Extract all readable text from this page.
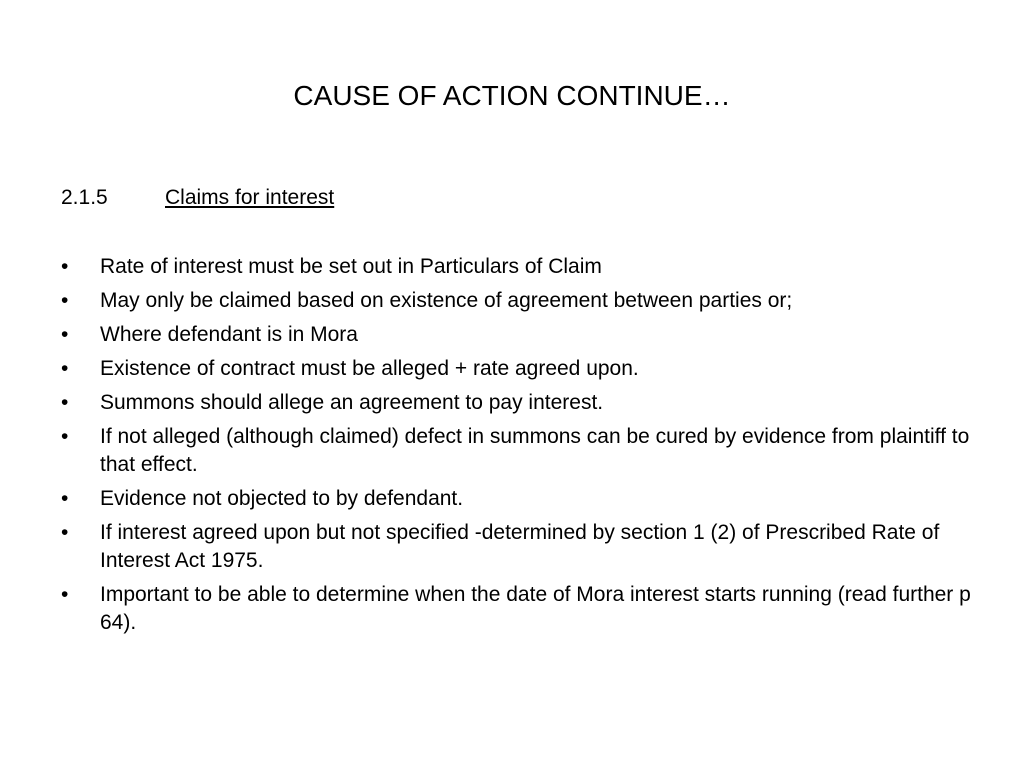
CAUSE OF ACTION CONTINUE…
2.1.5	Claims for interest
•	Rate of interest must be set out in Particulars of Claim
•	May only be claimed based on existence of agreement between parties or;
•	Where defendant is in Mora
•	Existence of contract must be alleged + rate agreed upon.
•	Summons should allege an agreement to pay interest.
•	If not alleged (although claimed) defect in summons can be cured by evidence from plaintiff to that effect.
•	Evidence not objected to by defendant.
•	If interest agreed upon but not specified -determined by section 1 (2) of Prescribed Rate of Interest Act 1975.
•	Important to be able to determine when the date of Mora interest starts running (read further p 64).
